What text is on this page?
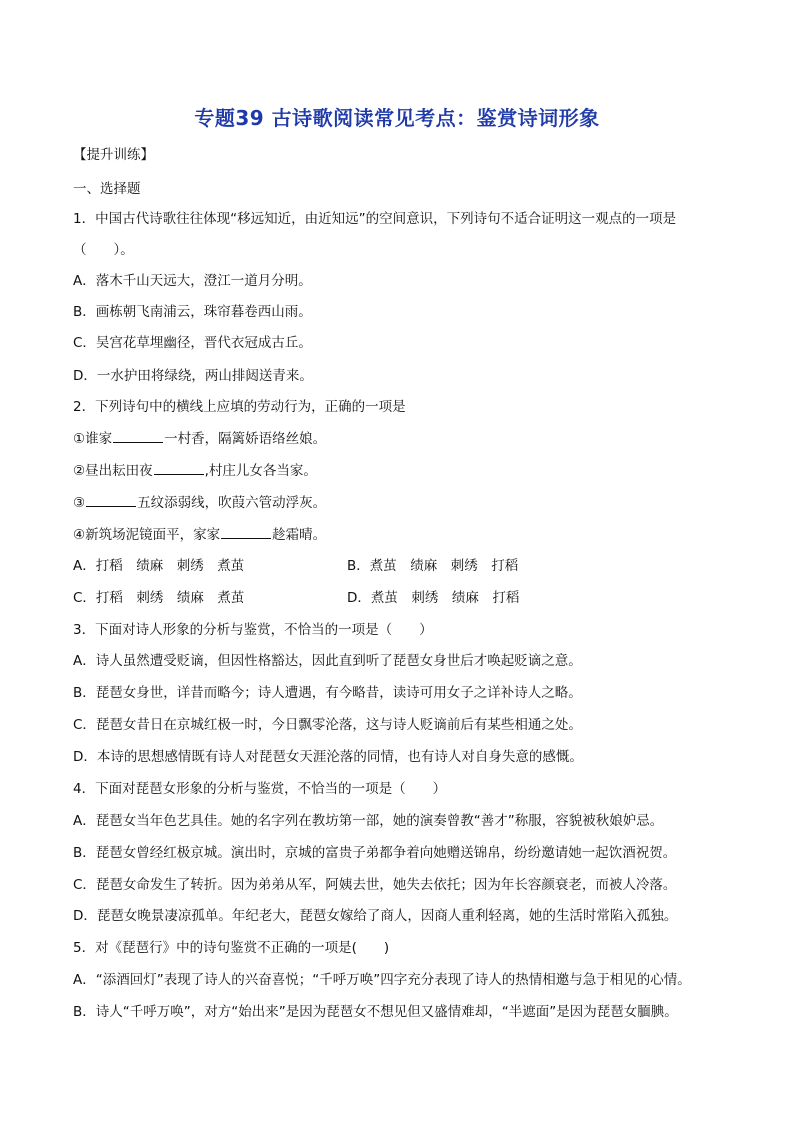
专题39 古诗歌阅读常见考点：鉴赏诗词形象
【提升训练】
一、选择题
1．中国古代诗歌往往体现“移远知近，由近知远”的空间意识，下列诗句不适合证明这一观点的一项是
（　　）。
A．落木千山天远大，澄江一道月分明。
B．画栋朝飞南浦云，珠帘暮卷西山雨。
C．吴宫花草埋幽径，晋代衣冠成古丘。
D．一水护田将绿绕，两山排闼送青来。
2．下列诗句中的横线上应填的劳动行为，正确的一项是
①谁家	一村香，隔篱娇语络丝娘。
②昼出耘田夜	,村庄儿女各当家。
③	五纹添弱线，吹葭六管动浮灰。
④新筑场泥镜面平，家家	趁霜晴。
A．打稻　绩麻　刺绣　煮茧	B．煮茧　绩麻　刺绣　打稻
C．打稻　刺绣　绩麻　煮茧	D．煮茧　刺绣　绩麻　打稻
3．下面对诗人形象的分析与鉴赏，不恰当的一项是（　　）
A．诗人虽然遭受贬谪，但因性格豁达，因此直到听了琵琶女身世后才唤起贬谪之意。
B．琵琶女身世，详昔而略今；诗人遭遇，有今略昔，读诗可用女子之详补诗人之略。
C．琵琶女昔日在京城红极一时，今日飘零沦落，这与诗人贬谪前后有某些相通之处。
D．本诗的思想感情既有诗人对琵琶女天涯沦落的同情，也有诗人对自身失意的感慨。
4．下面对琵琶女形象的分析与鉴赏，不恰当的一项是（　　）
A．琵琶女当年色艺具佳。她的名字列在教坊第一部，她的演奏曾教“善才”称服，容貌被秋娘妒忌。
B．琵琶女曾经红极京城。演出时，京城的富贵子弟都争着向她赠送锦帛，纷纷邀请她一起饮酒祝贺。
C．琵琶女命发生了转折。因为弟弟从军，阿姨去世，她失去依托；因为年长容颜衰老，而被人冷落。
D．琵琶女晚景凄凉孤单。年纪老大，琵琶女嫁给了商人，因商人重利轻离，她的生活时常陷入孤独。
5．对《琵琶行》中的诗句鉴赏不正确的一项是(　　)
A．“添酒回灯”表现了诗人的兴奋喜悦；“千呼万唤”四字充分表现了诗人的热情相邀与急于相见的心情。
B．诗人“千呼万唤”，对方“始出来”是因为琵琶女不想见但又盛情难却，“半遮面”是因为琵琶女腼腆。
